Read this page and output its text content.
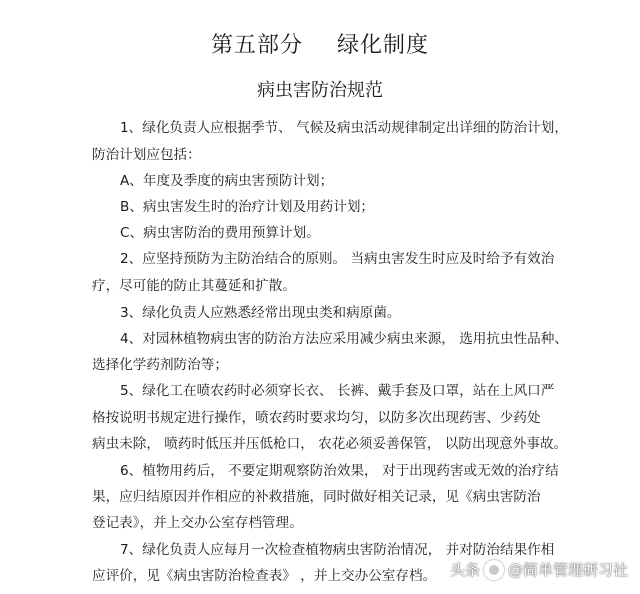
第五部分 绿化制度
病虫害防治规范

1、绿化负责人应根据季节、 气候及病虫活动规律制定出详细的防治计划，

防治计划应包括：

A、年度及季度的病虫害预防计划；

B、病虫害发生时的治疗计划及用药计划；

C、病虫害防治的费用预算计划。

2、应坚持预防为主防治结合的原则。 当病虫害发生时应及时给予有效治

疗，尽可能的防止其蔓延和扩散。

3、绿化负责人应熟悉经常出现虫类和病原菌。

4、对园林植物病虫害的防治方法应采用减少病虫来源， 选用抗虫性品种、

选择化学药剂防治等；

5、绿化工在喷农药时必须穿长衣、 长裤、戴手套及口罩，站在上风口严

格按说明书规定进行操作，喷农药时要求均匀，以防多次出现药害、少药处

病虫未除， 喷药时低压并压低枪口， 农花必须妥善保管， 以防出现意外事故。

6、植物用药后， 不要定期观察防治效果， 对于出现药害或无效的治疗结

果，应归结原因并作相应的补救措施，同时做好相关记录，见《病虫害防治

登记表》，并上交办公室存档管理。

7、绿化负责人应每月一次检查植物病虫害防治情况， 并对防治结果作相

应评价，见《病虫害防治检查表》 ，并上交办公室存档。 头条 @ 简单管理研习社
